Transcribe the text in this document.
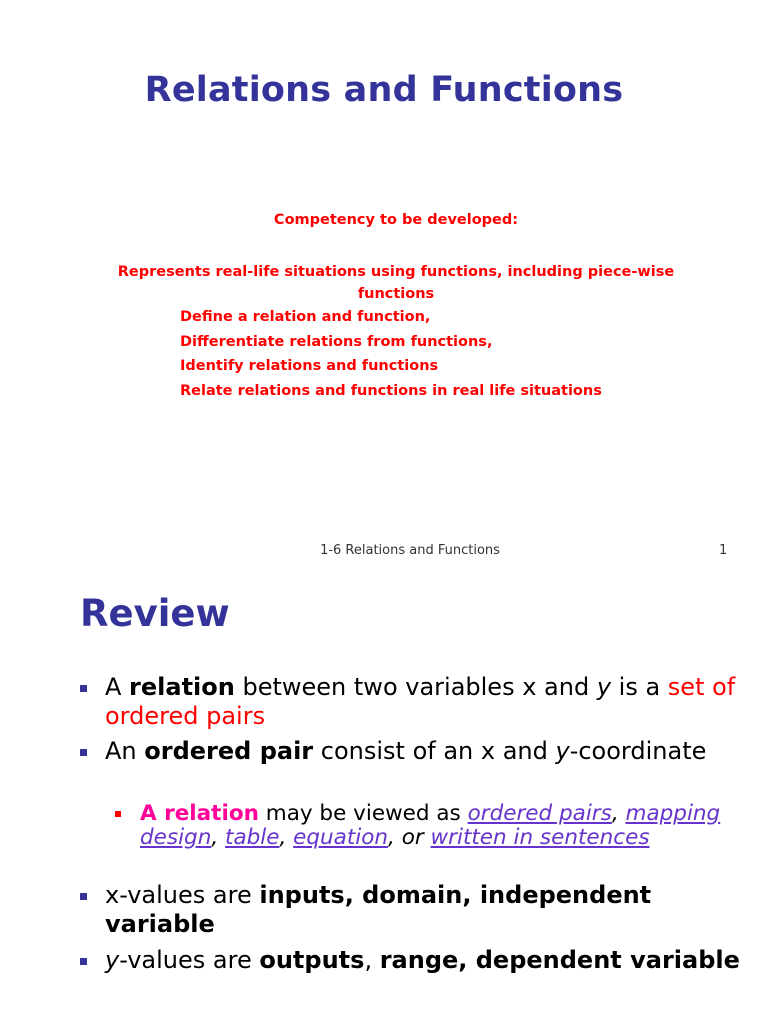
Relations and Functions
Competency to be developed:
Represents real-life situations using functions, including piece-wise functions
Define a relation and function,
Differentiate relations from functions,
Identify relations and functions
Relate relations and functions in real life situations
1-6 Relations and Functions	1
Review
A relation between two variables x and y is a set of ordered pairs
An ordered pair consist of an x and y-coordinate
A relation may be viewed as ordered pairs, mapping design, table, equation, or written in sentences
x-values are inputs, domain, independent variable
y-values are outputs, range, dependent variable
